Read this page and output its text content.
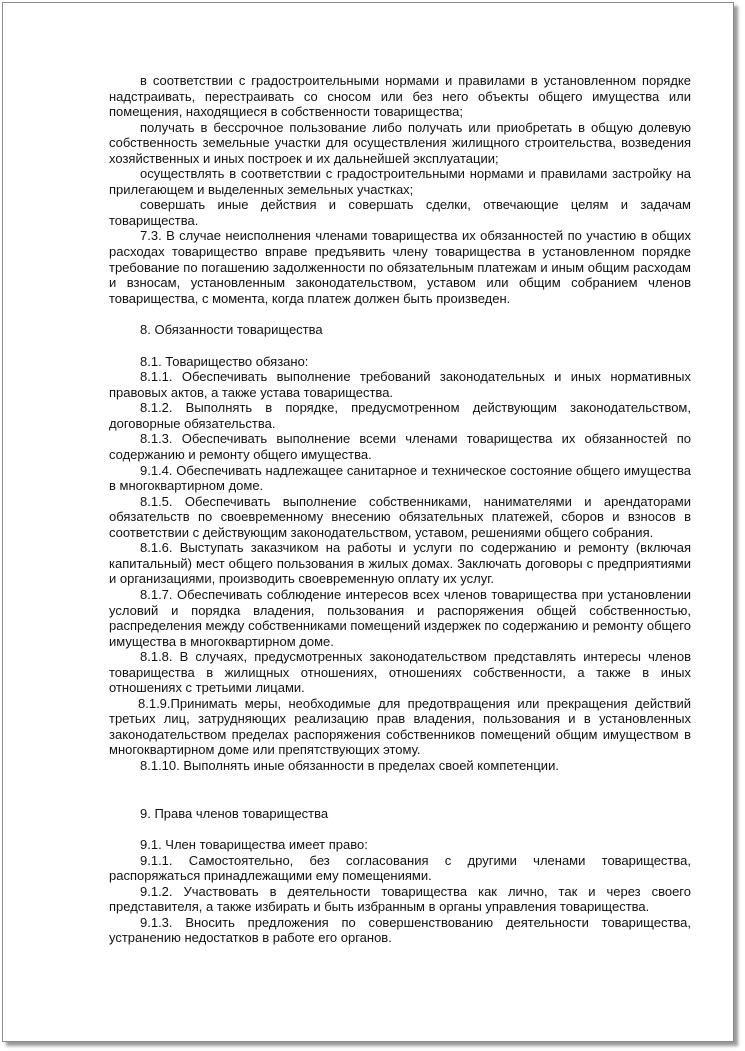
в соответствии с градостроительными нормами и правилами в установленном порядке надстраивать, перестраивать со сносом или без него объекты общего имущества или помещения, находящиеся в собственности товарищества;

получать в бессрочное пользование либо получать или приобретать в общую долевую собственность земельные участки для осуществления жилищного строительства, возведения хозяйственных и иных построек и их дальнейшей эксплуатации;

осуществлять в соответствии с градостроительными нормами и правилами застройку на прилегающем и выделенных земельных участках;

совершать иные действия и совершать сделки, отвечающие целям и задачам товарищества.

7.3. В случае неисполнения членами товарищества их обязанностей по участию в общих расходах товарищество вправе предъявить члену товарищества в установленном порядке требование по погашению задолженности по обязательным платежам и иным общим расходам и взносам, установленным законодательством, уставом или общим собранием членов товарищества, с момента, когда платеж должен быть произведен.

8. Обязанности товарищества

8.1. Товарищество обязано:

8.1.1. Обеспечивать выполнение требований законодательных и иных нормативных правовых актов, а также устава товарищества.

8.1.2. Выполнять в порядке, предусмотренном действующим законодательством, договорные обязательства.

8.1.3. Обеспечивать выполнение всеми членами товарищества их обязанностей по содержанию и ремонту общего имущества.

9.1.4. Обеспечивать надлежащее санитарное и техническое состояние общего имущества в многоквартирном доме.

8.1.5. Обеспечивать выполнение собственниками, нанимателями и арендаторами обязательств по своевременному внесению обязательных платежей, сборов и взносов в соответствии с действующим законодательством, уставом, решениями общего собрания.

8.1.6. Выступать заказчиком на работы и услуги по содержанию и ремонту (включая капитальный) мест общего пользования в жилых домах. Заключать договоры с предприятиями и организациями, производить своевременную оплату их услуг.

8.1.7. Обеспечивать соблюдение интересов всех членов товарищества при установлении условий и порядка владения, пользования и распоряжения общей собственностью, распределения между собственниками помещений издержек по содержанию и ремонту общего имущества в многоквартирном доме.

8.1.8. В случаях, предусмотренных законодательством представлять интересы членов товарищества в жилищных отношениях, отношениях собственности, а также в иных отношениях с третьими лицами.

8.1.9.Принимать меры, необходимые для предотвращения или прекращения действий третьих лиц, затрудняющих реализацию прав владения, пользования и в установленных законодательством пределах распоряжения собственников помещений общим имуществом в многоквартирном доме или препятствующих этому.

8.1.10. Выполнять иные обязанности в пределах своей компетенции.

9. Права членов товарищества

9.1. Член товарищества имеет право:

9.1.1. Самостоятельно, без согласования с другими членами товарищества, распоряжаться принадлежащими ему помещениями.

9.1.2. Участвовать в деятельности товарищества как лично, так и через своего представителя, а также избирать и быть избранным в органы управления товарищества.

9.1.3. Вносить предложения по совершенствованию деятельности товарищества, устранению недостатков в работе его органов.
